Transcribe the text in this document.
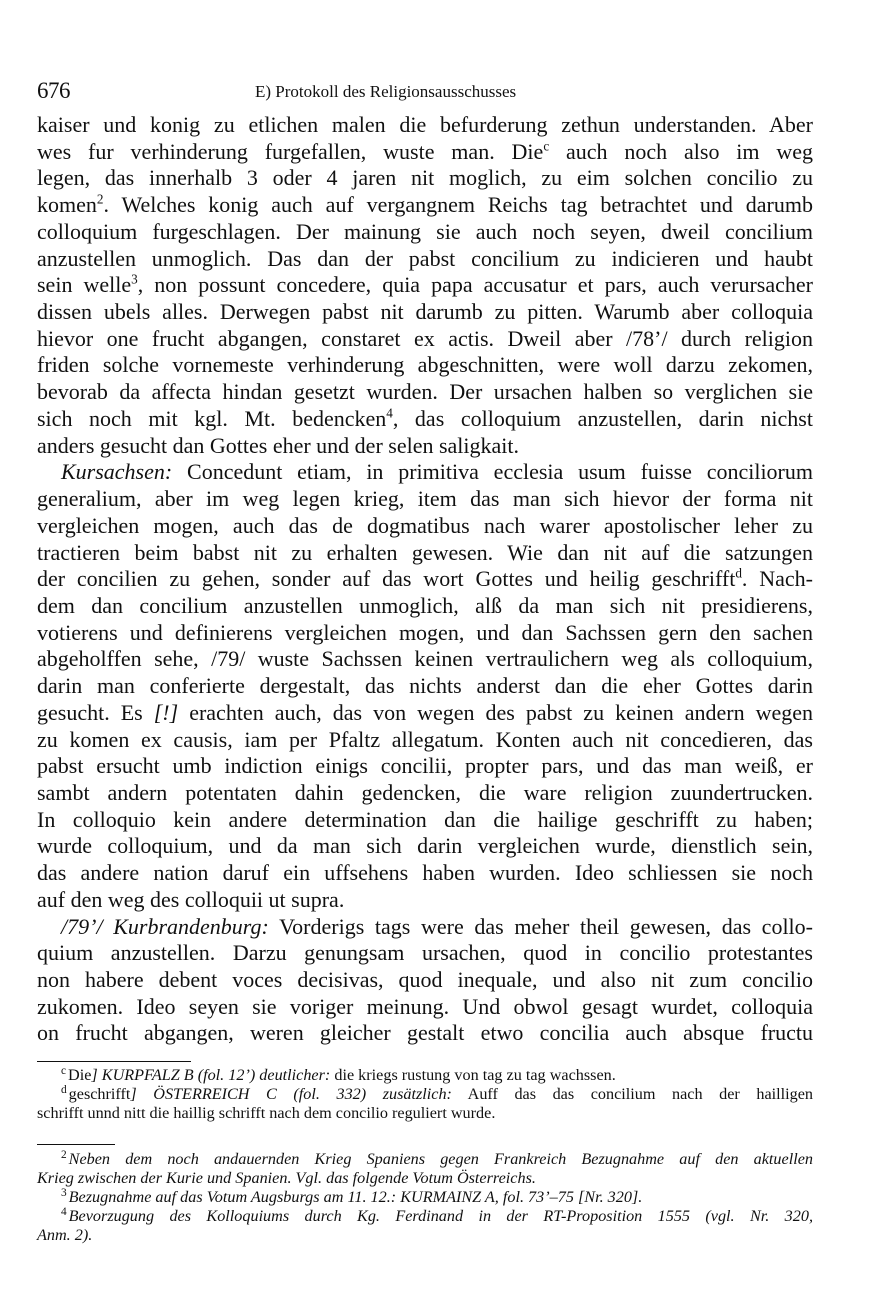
676	E) Protokoll des Religionsausschusses
kaiser und konig zu etlichen malen die befurderung zethun understanden. Aber
wes fur verhinderung furgefallen, wuste man. Die$^c$ auch noch also im weg
legen, das innerhalb 3 oder 4 jaren nit moglich, zu eim solchen concilio zu
komen$^2$. Welches konig auch auf vergangnem Reichs tag betrachtet und darumb
colloquium furgeschlagen. Der mainung sie auch noch seyen, dweil concilium
anzustellen unmoglich. Das dan der pabst concilium zu indicieren und haubt
sein welle$^3$, non possunt concedere, quia papa accusatur et pars, auch verursacher
dissen ubels alles. Derwegen pabst nit darumb zu pitten. Warumb aber colloquia
hievor one frucht abgangen, constaret ex actis. Dweil aber /78’/ durch religion
friden solche vornemeste verhinderung abgeschnitten, were woll darzu zekomen,
bevorab da affecta hindan gesetzt wurden. Der ursachen halben so verglichen sie
sich noch mit kgl. Mt. bedencken$^4$, das colloquium anzustellen, darin nichst
anders gesucht dan Gottes eher und der selen saligkait.
Kursachsen: Concedunt etiam, in primitiva ecclesia usum fuisse conciliorum
generalium, aber im weg legen krieg, item das man sich hievor der forma nit
vergleichen mogen, auch das de dogmatibus nach warer apostolischer leher zu
tractieren beim babst nit zu erhalten gewesen. Wie dan nit auf die satzungen
der concilien zu gehen, sonder auf das wort Gottes und heilig geschrifft$^d$. Nach-
dem dan concilium anzustellen unmoglich, alß da man sich nit presidierens,
votierens und definierens vergleichen mogen, und dan Sachssen gern den sachen
abgeholffen sehe, /79/ wuste Sachssen keinen vertraulichern weg als colloquium,
darin man conferierte dergestalt, das nichts anderst dan die eher Gottes darin
gesucht. Es [!] erachten auch, das von wegen des pabst zu keinen andern wegen
zu komen ex causis, iam per Pfaltz allegatum. Konten auch nit concedieren, das
pabst ersucht umb indiction einigs concilii, propter pars, und das man weiß, er
sambt andern potentaten dahin gedencken, die ware religion zuundertrucken.
In colloquio kein andere determination dan die hailige geschrifft zu haben;
wurde colloquium, und da man sich darin vergleichen wurde, dienstlich sein,
das andere nation daruf ein uffsehens haben wurden. Ideo schliessen sie noch
auf den weg des colloquii ut supra.
/79’/ Kurbrandenburg: Vorderigs tags were das meher theil gewesen, das collo-
quium anzustellen. Darzu genungsam ursachen, quod in concilio protestantes
non habere debent voces decisivas, quod inequale, und also nit zum concilio
zukomen. Ideo seyen sie voriger meinung. Und obwol gesagt wurdet, colloquia
on frucht abgangen, weren gleicher gestalt etwo concilia auch absque fructu
$^c$ Die] KURPFALZ B (fol. 12’) deutlicher: die kriegs rustung von tag zu tag wachssen.
$^d$ geschrifft] ÖSTERREICH C (fol. 332) zusätzlich: Auff das das concilium nach der hailligen
schrifft unnd nitt die haillig schrifft nach dem concilio reguliert wurde.
$^2$ Neben dem noch andauernden Krieg Spaniens gegen Frankreich Bezugnahme auf den aktuellen
Krieg zwischen der Kurie und Spanien. Vgl. das folgende Votum Österreichs.
$^3$ Bezugnahme auf das Votum Augsburgs am 11. 12.: KURMAINZ A, fol. 73’–75 [Nr. 320].
$^4$ Bevorzugung des Kolloquiums durch Kg. Ferdinand in der RT-Proposition 1555 (vgl. Nr. 320,
Anm. 2).
